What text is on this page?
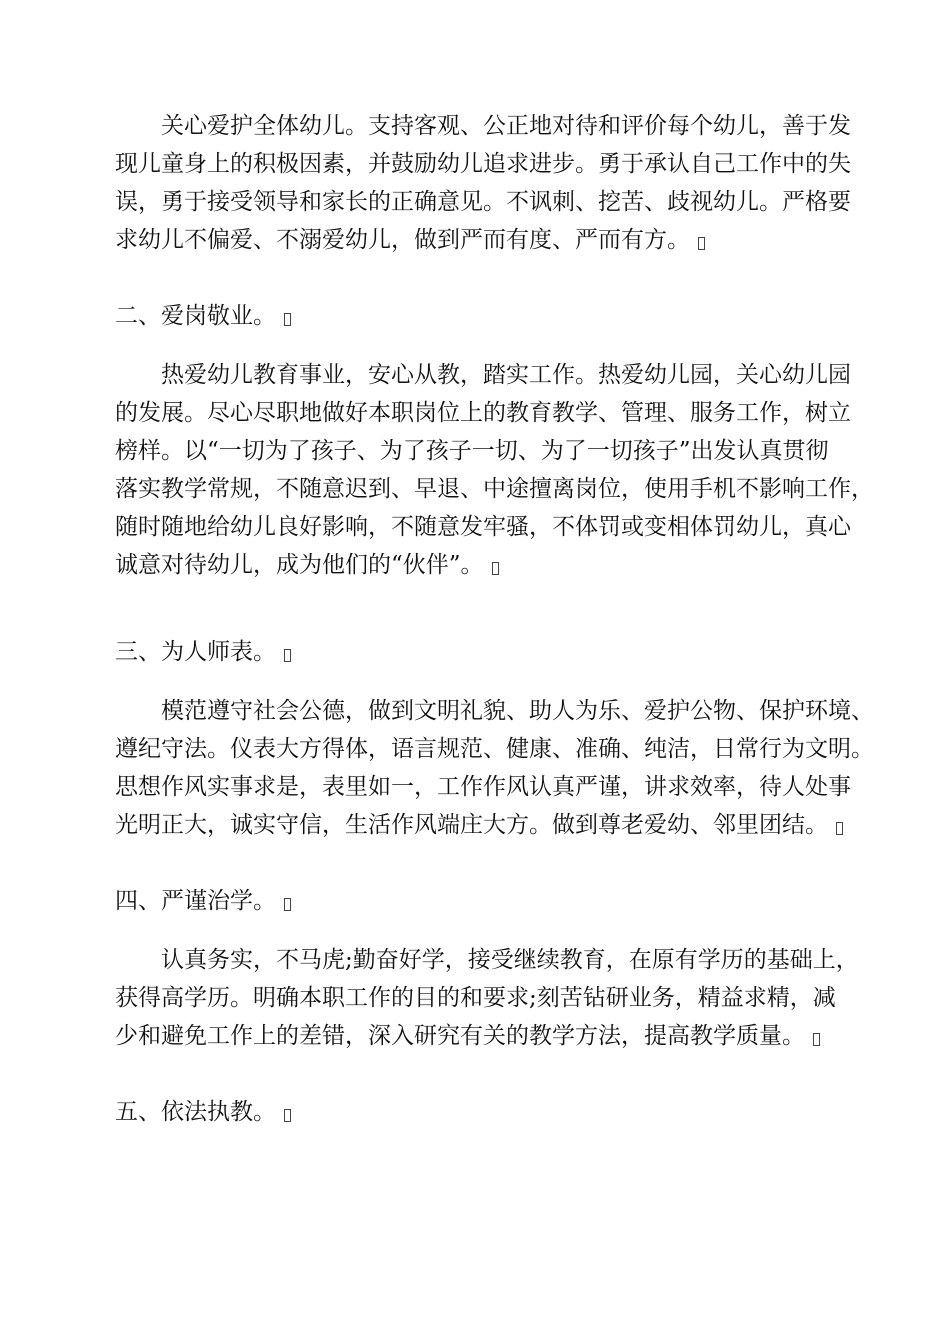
关心爱护全体幼儿。支持客观、公正地对待和评价每个幼儿，善于发
现儿童身上的积极因素，并鼓励幼儿追求进步。勇于承认自己工作中的失
误，勇于接受领导和家长的正确意见。不讽刺、挖苦、歧视幼儿。严格要
求幼儿不偏爱、不溺爱幼儿，做到严而有度、严而有方。
二、爱岗敬业。
热爱幼儿教育事业，安心从教，踏实工作。热爱幼儿园，关心幼儿园
的发展。尽心尽职地做好本职岗位上的教育教学、管理、服务工作，树立
榜样。以“一切为了孩子、为了孩子一切、为了一切孩子”出发认真贯彻
落实教学常规，不随意迟到、早退、中途擅离岗位，使用手机不影响工作，
随时随地给幼儿良好影响，不随意发牢骚，不体罚或变相体罚幼儿，真心
诚意对待幼儿，成为他们的“伙伴”。
三、为人师表。
模范遵守社会公德，做到文明礼貌、助人为乐、爱护公物、保护环境、
遵纪守法。仪表大方得体，语言规范、健康、准确、纯洁，日常行为文明。
思想作风实事求是，表里如一，工作作风认真严谨，讲求效率，待人处事
光明正大，诚实守信，生活作风端庄大方。做到尊老爱幼、邻里团结。
四、严谨治学。
认真务实，不马虎;勤奋好学，接受继续教育，在原有学历的基础上，
获得高学历。明确本职工作的目的和要求;刻苦钻研业务，精益求精，减
少和避免工作上的差错，深入研究有关的教学方法，提高教学质量。
五、依法执教。
